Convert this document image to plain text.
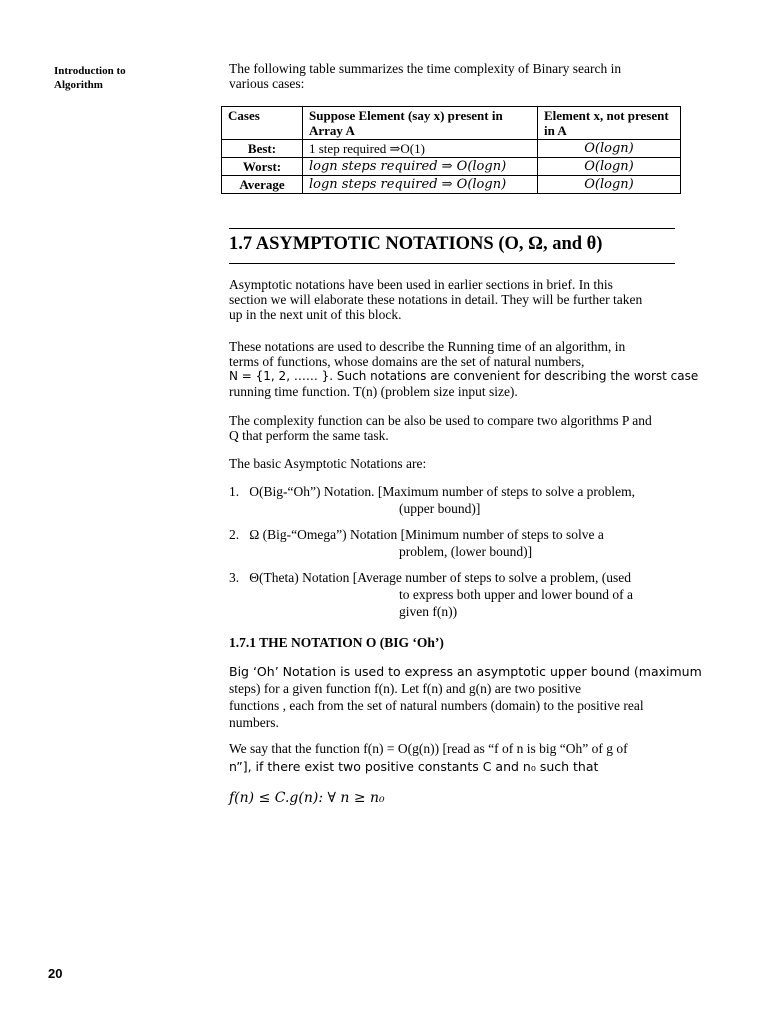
Introduction to
Algorithm
The following table summarizes the time complexity of Binary search in
various cases:
Cases	Suppose Element (say x) present in Array A	Element x, not present in A
Best:	1 step required ⇒O(1)	O(logn)
Worst:	logn steps required ⇒ O(logn)	O(logn)
Average	logn steps required ⇒ O(logn)	O(logn)
1.7 ASYMPTOTIC NOTATIONS (O, Ω, and θ)
Asymptotic notations have been used in earlier sections in brief. In this
section we will elaborate these notations in detail. They will be further taken
up in the next unit of this block.
These notations are used to describe the Running time of an algorithm, in
terms of functions, whose domains are the set of natural numbers,
N = {1, 2, …… }. Such notations are convenient for describing the worst case
running time function. T(n) (problem size input size).
The complexity function can be also be used to compare two algorithms P and
Q that perform the same task.
The basic Asymptotic Notations are:
1. O(Big-“Oh”) Notation. [Maximum number of steps to solve a problem,
(upper bound)]
2. Ω (Big-“Omega”) Notation [Minimum number of steps to solve a
problem, (lower bound)]
3. Θ(Theta) Notation [Average number of steps to solve a problem, (used
to express both upper and lower bound of a
given f(n))
1.7.1 THE NOTATION O (BIG ‘Oh’)
Big ‘Oh’ Notation is used to express an asymptotic upper bound (maximum
steps) for a given function f(n). Let f(n) and g(n) are two positive
functions , each from the set of natural numbers (domain) to the positive real
numbers.
We say that the function f(n) = O(g(n)) [read as “f of n is big “Oh” of g of
n”], if there exist two positive constants C and n₀ such that
f(n) ≤ C.g(n): ∀ n ≥ n₀
20
